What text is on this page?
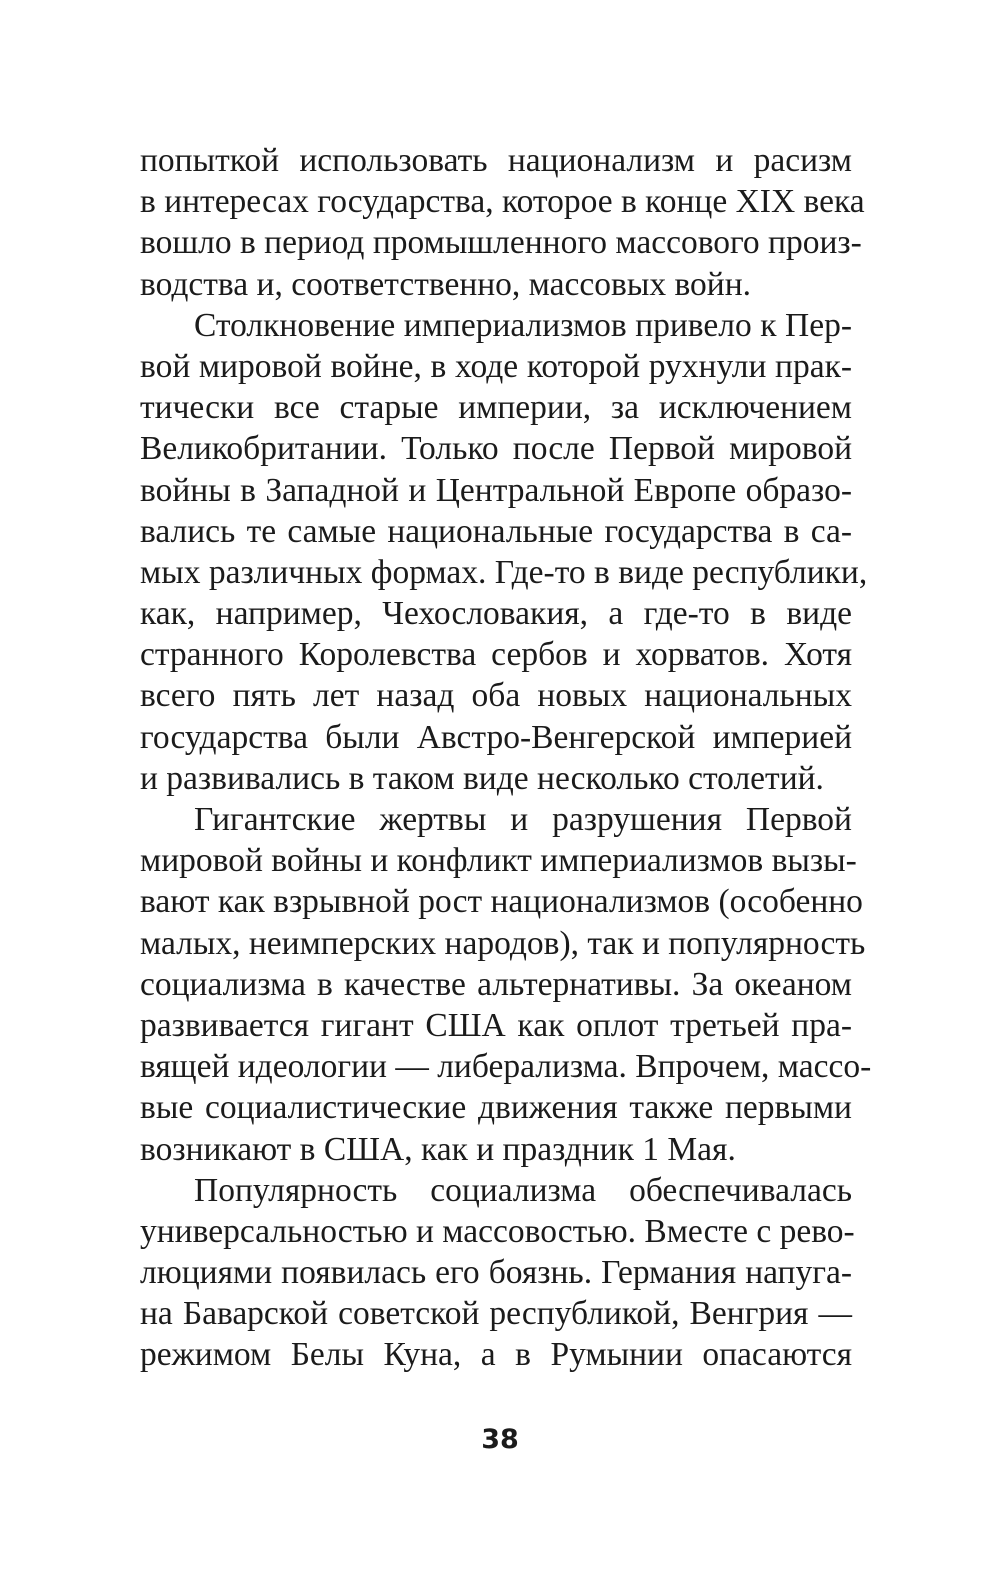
попыткой использовать национализм и расизм
в интересах государства, которое в конце XIX века
вошло в период промышленного массового произ-
водства и, соответственно, массовых войн.

Столкновение империализмов привело к Пер-
вой мировой войне, в ходе которой рухнули прак-
тически все старые империи, за исключением
Великобритании. Только после Первой мировой
войны в Западной и Центральной Европе образо-
вались те самые национальные государства в са-
мых различных формах. Где-то в виде республики,
как, например, Чехословакия, а где-то в виде
странного Королевства сербов и хорватов. Хотя
всего пять лет назад оба новых национальных
государства были Австро-Венгерской империей
и развивались в таком виде несколько столетий.

Гигантские жертвы и разрушения Первой
мировой войны и конфликт империализмов вызы-
вают как взрывной рост национализмов (особенно
малых, неимперских народов), так и популярность
социализма в качестве альтернативы. За океаном
развивается гигант США как оплот третьей пра-
вящей идеологии — либерализма. Впрочем, массо-
вые социалистические движения также первыми
возникают в США, как и праздник 1 Мая.

Популярность социализма обеспечивалась
универсальностью и массовостью. Вместе с рево-
люциями появилась его боязнь. Германия напуга-
на Баварской советской республикой, Венгрия —
режимом Белы Куна, а в Румынии опасаются

38
